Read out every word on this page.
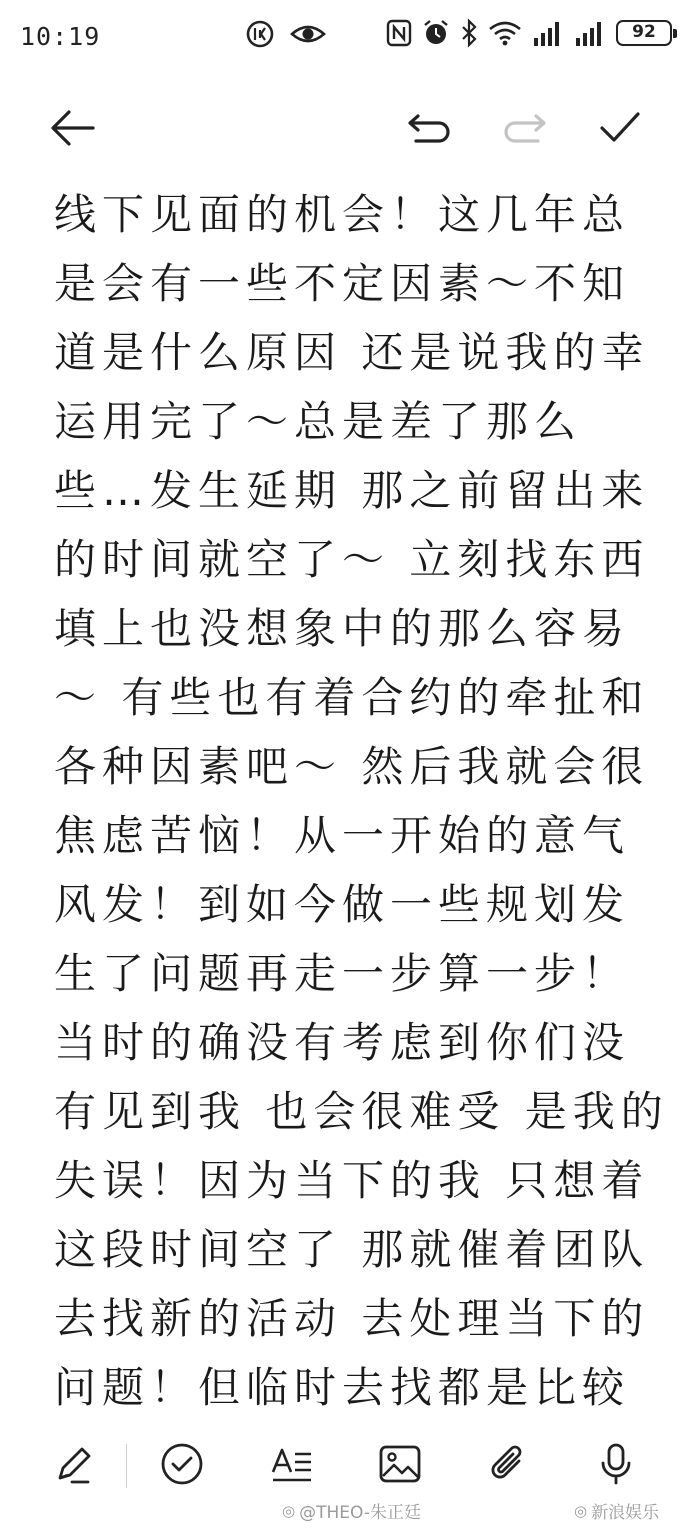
10:19	92
线下见面的机会！这几年总
是会有一些不定因素～不知
道是什么原因 还是说我的幸
运用完了～总是差了那么
些…发生延期 那之前留出来
的时间就空了～ 立刻找东西
填上也没想象中的那么容易
～ 有些也有着合约的牵扯和
各种因素吧～ 然后我就会很
焦虑苦恼！从一开始的意气
风发！到如今做一些规划发
生了问题再走一步算一步！
当时的确没有考虑到你们没
有见到我 也会很难受 是我的
失误！因为当下的我 只想着
这段时间空了 那就催着团队
去找新的活动 去处理当下的
问题！但临时去找都是比较
◎ @THEO-朱正廷	◎ 新浪娱乐
